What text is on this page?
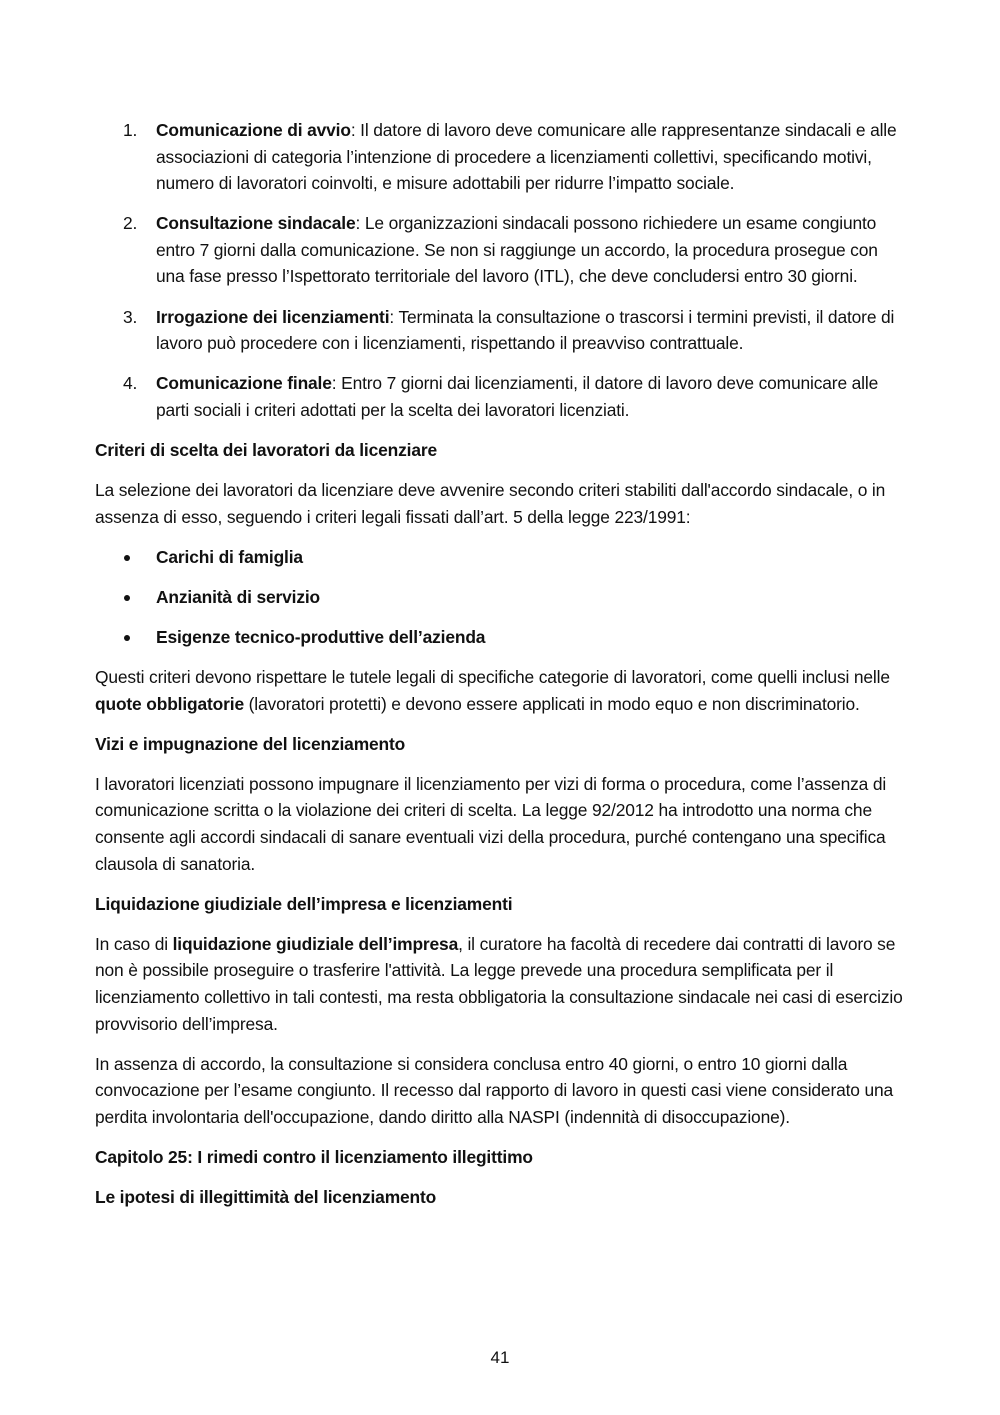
1. Comunicazione di avvio: Il datore di lavoro deve comunicare alle rappresentanze sindacali e alle associazioni di categoria l’intenzione di procedere a licenziamenti collettivi, specificando motivi, numero di lavoratori coinvolti, e misure adottabili per ridurre l’impatto sociale.
2. Consultazione sindacale: Le organizzazioni sindacali possono richiedere un esame congiunto entro 7 giorni dalla comunicazione. Se non si raggiunge un accordo, la procedura prosegue con una fase presso l’Ispettorato territoriale del lavoro (ITL), che deve concludersi entro 30 giorni.
3. Irrogazione dei licenziamenti: Terminata la consultazione o trascorsi i termini previsti, il datore di lavoro può procedere con i licenziamenti, rispettando il preavviso contrattuale.
4. Comunicazione finale: Entro 7 giorni dai licenziamenti, il datore di lavoro deve comunicare alle parti sociali i criteri adottati per la scelta dei lavoratori licenziati.
Criteri di scelta dei lavoratori da licenziare

La selezione dei lavoratori da licenziare deve avvenire secondo criteri stabiliti dall'accordo sindacale, o in assenza di esso, seguendo i criteri legali fissati dall’art. 5 della legge 223/1991:

Carichi di famiglia
Anzianità di servizio
Esigenze tecnico-produttive dell’azienda

Questi criteri devono rispettare le tutele legali di specifiche categorie di lavoratori, come quelli inclusi nelle quote obbligatorie (lavoratori protetti) e devono essere applicati in modo equo e non discriminatorio.

Vizi e impugnazione del licenziamento

I lavoratori licenziati possono impugnare il licenziamento per vizi di forma o procedura, come l’assenza di comunicazione scritta o la violazione dei criteri di scelta. La legge 92/2012 ha introdotto una norma che consente agli accordi sindacali di sanare eventuali vizi della procedura, purché contengano una specifica clausola di sanatoria.

Liquidazione giudiziale dell’impresa e licenziamenti

In caso di liquidazione giudiziale dell’impresa, il curatore ha facoltà di recedere dai contratti di lavoro se non è possibile proseguire o trasferire l'attività. La legge prevede una procedura semplificata per il licenziamento collettivo in tali contesti, ma resta obbligatoria la consultazione sindacale nei casi di esercizio provvisorio dell’impresa.

In assenza di accordo, la consultazione si considera conclusa entro 40 giorni, o entro 10 giorni dalla convocazione per l’esame congiunto. Il recesso dal rapporto di lavoro in questi casi viene considerato una perdita involontaria dell'occupazione, dando diritto alla NASPI (indennità di disoccupazione).

Capitolo 25: I rimedi contro il licenziamento illegittimo
Le ipotesi di illegittimità del licenziamento
41
